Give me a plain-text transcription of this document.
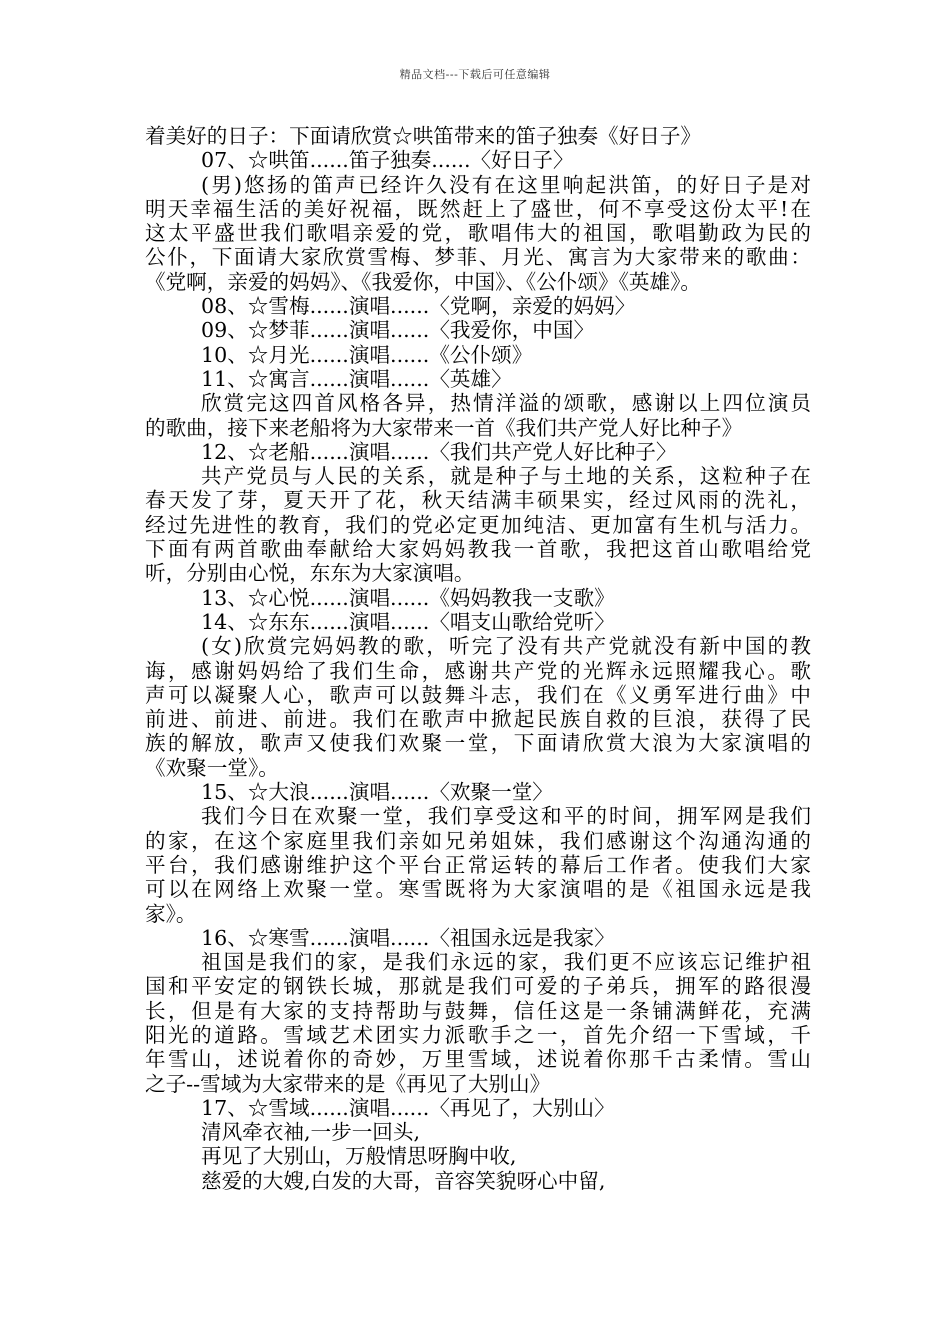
精品文档---下载后可任意编辑
着美好的日子：下面请欣赏☆哄笛带来的笛子独奏《好日子》
07、☆哄笛......笛子独奏......〈好日子〉
(男)悠扬的笛声已经许久没有在这里响起洪笛，的好日子是对
明天幸福生活的美好祝福，既然赶上了盛世，何不享受这份太平!在
这太平盛世我们歌唱亲爱的党，歌唱伟大的祖国，歌唱勤政为民的
公仆，下面请大家欣赏雪梅、梦菲、月光、寓言为大家带来的歌曲：
《党啊，亲爱的妈妈》、《我爱你，中国》、《公仆颂》《英雄》。
08、☆雪梅......演唱......〈党啊，亲爱的妈妈〉
09、☆梦菲......演唱......〈我爱你，中国〉
10、☆月光......演唱......《公仆颂》
11、☆寓言......演唱......〈英雄〉
欣赏完这四首风格各异，热情洋溢的颂歌，感谢以上四位演员
的歌曲，接下来老船将为大家带来一首《我们共产党人好比种子》
12、☆老船......演唱......〈我们共产党人好比种子〉
共产党员与人民的关系，就是种子与土地的关系，这粒种子在
春天发了芽，夏天开了花，秋天结满丰硕果实，经过风雨的洗礼，
经过先进性的教育，我们的党必定更加纯洁、更加富有生机与活力。
下面有两首歌曲奉献给大家妈妈教我一首歌，我把这首山歌唱给党
听，分别由心悦，东东为大家演唱。
13、☆心悦......演唱......《妈妈教我一支歌》
14、☆东东......演唱......〈唱支山歌给党听〉
(女)欣赏完妈妈教的歌，听完了没有共产党就没有新中国的教
诲，感谢妈妈给了我们生命，感谢共产党的光辉永远照耀我心。歌
声可以凝聚人心，歌声可以鼓舞斗志，我们在《义勇军进行曲》中
前进、前进、前进。我们在歌声中掀起民族自救的巨浪，获得了民
族的解放，歌声又使我们欢聚一堂，下面请欣赏大浪为大家演唱的
《欢聚一堂》。
15、☆大浪......演唱......〈欢聚一堂〉
我们今日在欢聚一堂，我们享受这和平的时间，拥军网是我们
的家，在这个家庭里我们亲如兄弟姐妹，我们感谢这个沟通沟通的
平台，我们感谢维护这个平台正常运转的幕后工作者。使我们大家
可以在网络上欢聚一堂。寒雪既将为大家演唱的是《祖国永远是我
家》。
16、☆寒雪......演唱......〈祖国永远是我家〉
祖国是我们的家，是我们永远的家，我们更不应该忘记维护祖
国和平安定的钢铁长城，那就是我们可爱的子弟兵，拥军的路很漫
长，但是有大家的支持帮助与鼓舞，信任这是一条铺满鲜花，充满
阳光的道路。雪域艺术团实力派歌手之一，首先介绍一下雪域，千
年雪山，述说着你的奇妙，万里雪域，述说着你那千古柔情。雪山
之子--雪域为大家带来的是《再见了大别山》
17、☆雪域......演唱......〈再见了，大别山〉
清风牵衣袖,一步一回头,
再见了大别山，万般情思呀胸中收,
慈爱的大嫂,白发的大哥，音容笑貌呀心中留,
